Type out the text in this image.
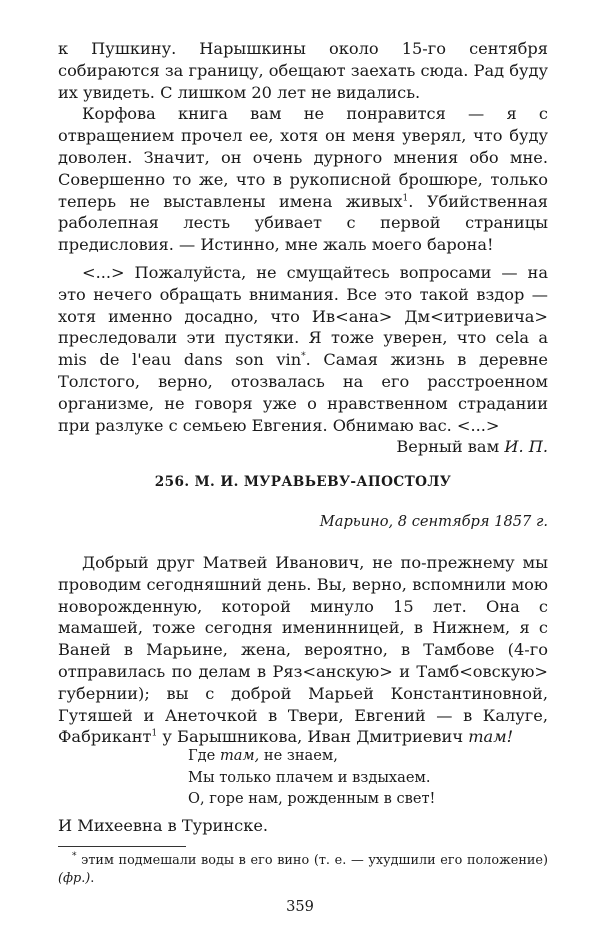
к Пушкину. Нарышкины около 15-го сентября собираются за границу, обещают заехать сюда. Рад буду их увидеть. С лишком 20 лет не видались.

Корфова книга вам не понравится — я с отвращением прочел ее, хотя он меня уверял, что буду доволен. Значит, он очень дурного мнения обо мне. Совершенно то же, что в рукописной брошюре, только теперь не выставлены имена живых$^1$. Убийственная раболепная лесть убивает с первой страницы предисловия. — Истинно, мне жаль моего барона!

<...> Пожалуйста, не смущайтесь вопросами — на это нечего обращать внимания. Все это такой вздор — хотя именно досадно, что Ив<ана> Дм<итриевича> преследовали эти пустяки. Я тоже уверен, что cela a mis de l'eau dans son vin*. Самая жизнь в деревне Толстого, верно, отозвалась на его расстроенном организме, не говоря уже о нравственном страдании при разлуке с семьею Евгения. Обнимаю вас. <...>

Верный вам И. П.

256. М. И. МУРАВЬЕВУ-АПОСТОЛУ
Марьино, 8 сентября 1857 г.

Добрый друг Матвей Иванович, не по-прежнему мы проводим сегодняшний день. Вы, верно, вспомнили мою новорожденную, которой минуло 15 лет. Она с мамашей, тоже сегодня именинницей, в Нижнем, я с Ваней в Марьине, жена, вероятно, в Тамбове (4-го отправилась по делам в Ряз<анскую> и Тамб<овскую> губернии); вы с доброй Марьей Константиновной, Гутяшей и Анеточкой в Твери, Евгений — в Калуге, Фабрикант$^1$ у Барышникова, Иван Дмитриевич там!

Где там, не знаем,
Мы только плачем и вздыхаем.
О, горе нам, рожденным в свет!
И Михеевна в Туринске.
* этим подмешали воды в его вино (т. е. — ухудшили его положение) (фр.).
359
